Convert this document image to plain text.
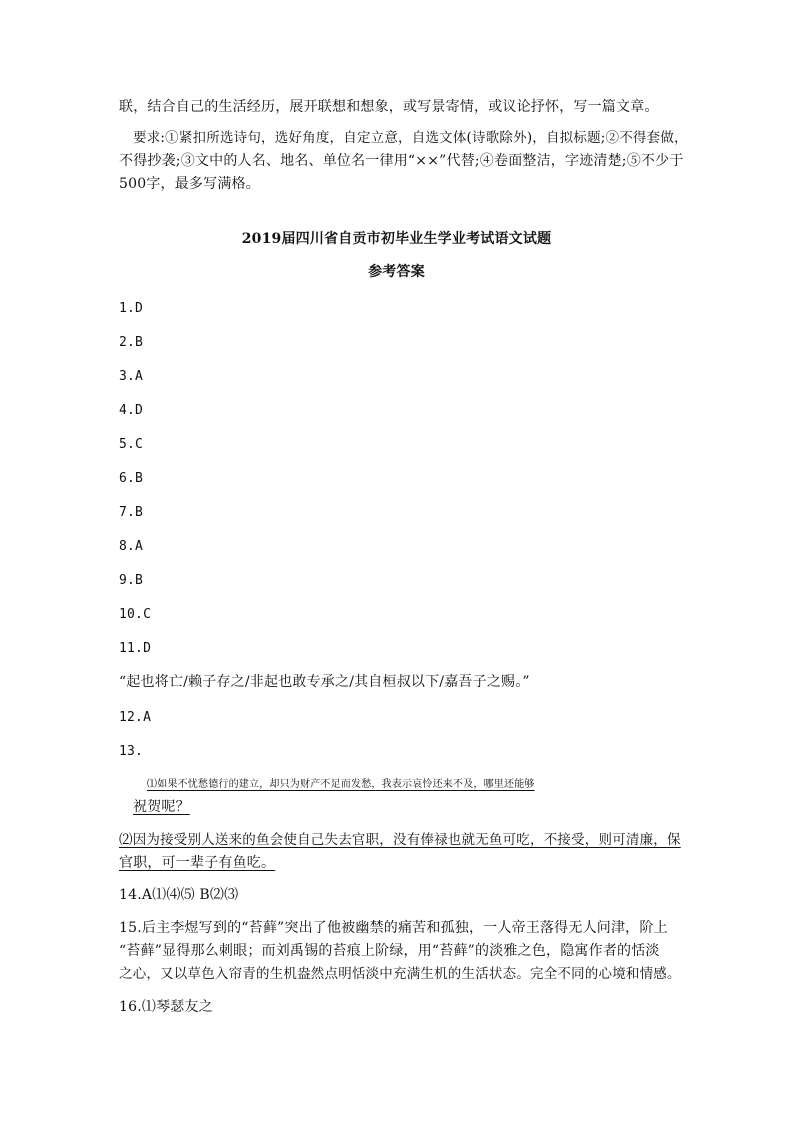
联，结合自己的生活经历，展开联想和想象，或写景寄情，或议论抒怀，写一篇文章。
要求:①紧扣所选诗句，选好角度，自定立意，自选文体(诗歌除外)，自拟标题;②不得套做，
不得抄袭;③文中的人名、地名、单位名一律用“××”代替;④卷面整洁，字迹清楚;⑤不少于
500字，最多写满格。
2019届四川省自贡市初毕业生学业考试语文试题
参考答案
1.D
2.B
3.A
4.D
5.C
6.B
7.B
8.A
9.B
10.C
11.D
“起也将亡/赖子存之/非起也敢专承之/其自桓叔以下/嘉吾子之赐。”
12.A
13.
⑴如果不忧愁德行的建立，却只为财产不足而发愁，我表示哀怜还来不及，哪里还能够
祝贺呢？
⑵因为接受别人送来的鱼会使自己失去官职，没有俸禄也就无鱼可吃，不接受，则可清廉，保
官职，可一辈子有鱼吃。
14.A⑴⑷⑸ B⑵⑶
15.后主李煜写到的“苔藓”突出了他被幽禁的痛苦和孤独，一人帝王落得无人问津，阶上
“苔藓”显得那么刺眼；而刘禹锡的苔痕上阶绿，用“苔藓”的淡雅之色，隐寓作者的恬淡
之心，又以草色入帘青的生机盎然点明恬淡中充满生机的生活状态。完全不同的心境和情感。
16.⑴琴瑟友之
